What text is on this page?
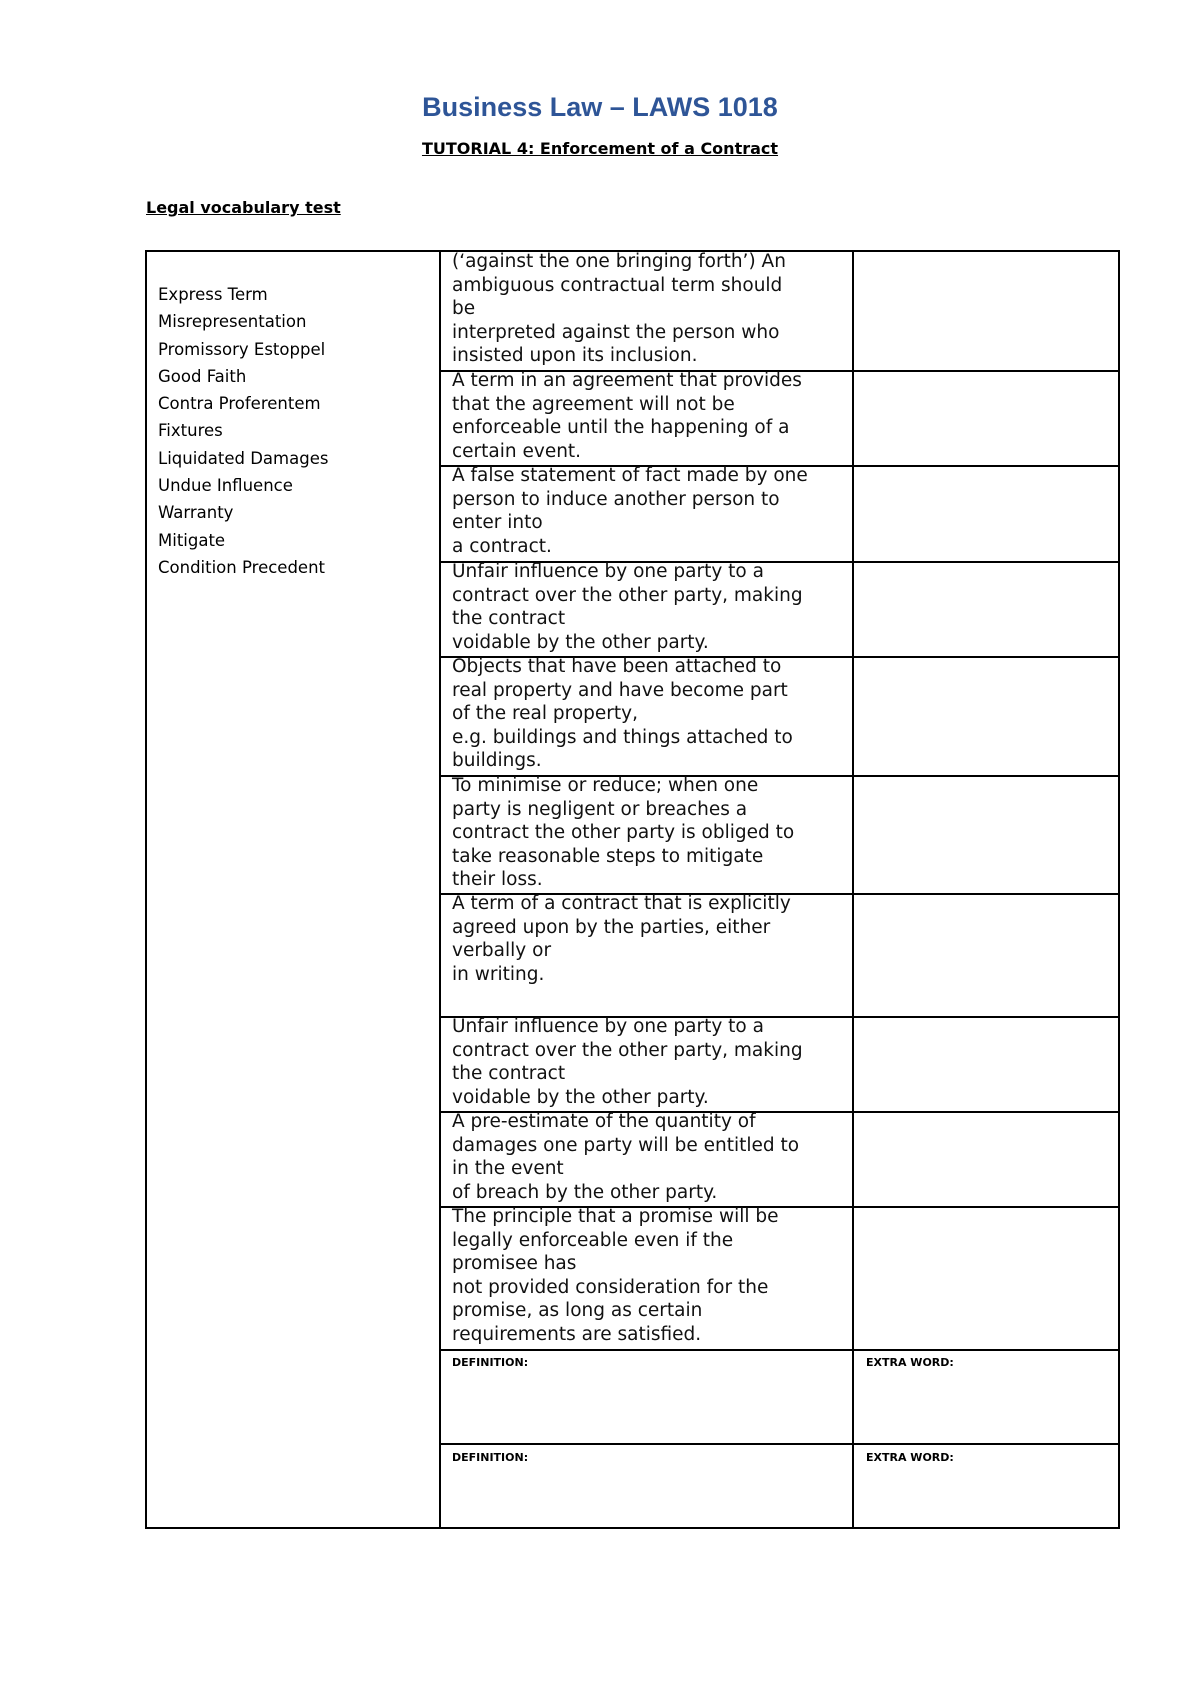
Business Law – LAWS 1018
TUTORIAL 4: Enforcement of a Contract
Legal vocabulary test
Express Term
Misrepresentation
Promissory Estoppel
Good Faith
Contra Proferentem
Fixtures
Liquidated Damages
Undue Influence
Warranty
Mitigate
Condition Precedent
(‘against the one bringing forth’) An
ambiguous contractual term should
be
interpreted against the person who
insisted upon its inclusion.
A term in an agreement that provides
that the agreement will not be
enforceable until the happening of a
certain event.
A false statement of fact made by one
person to induce another person to
enter into
a contract.
Unfair influence by one party to a
contract over the other party, making
the contract
voidable by the other party.
Objects that have been attached to
real property and have become part
of the real property,
e.g. buildings and things attached to
buildings.
To minimise or reduce; when one
party is negligent or breaches a
contract the other party is obliged to
take reasonable steps to mitigate
their loss.
A term of a contract that is explicitly
agreed upon by the parties, either
verbally or
in writing.
Unfair influence by one party to a
contract over the other party, making
the contract
voidable by the other party.
A pre-estimate of the quantity of
damages one party will be entitled to
in the event
of breach by the other party.
The principle that a promise will be
legally enforceable even if the
promisee has
not provided consideration for the
promise, as long as certain
requirements are satisfied.
DEFINITION:	EXTRA WORD:
DEFINITION:	EXTRA WORD:
